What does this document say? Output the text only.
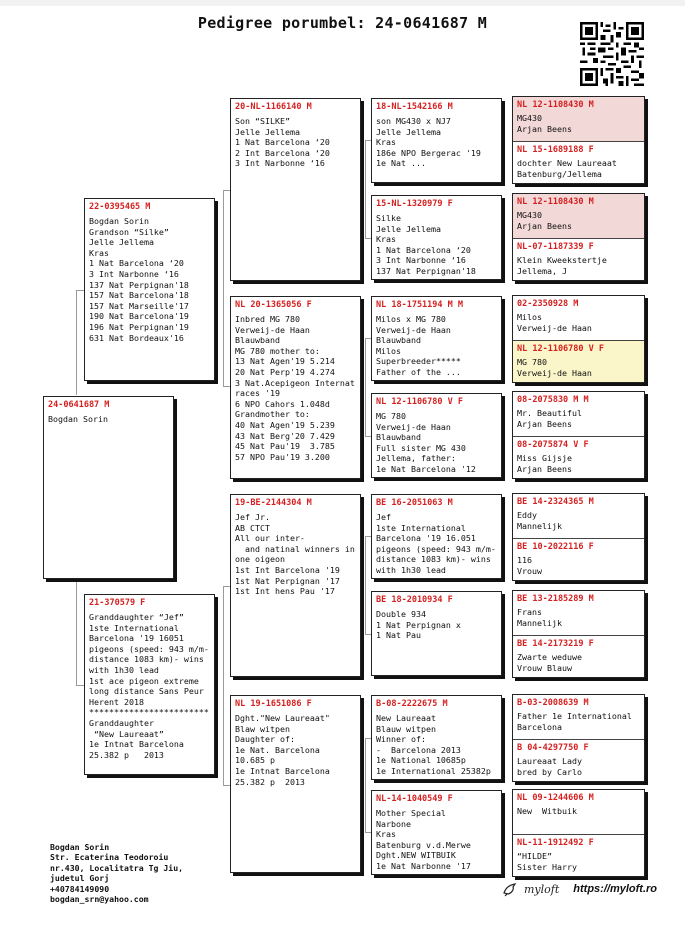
Pedigree porumbel: 24-0641687 M
24-0641687 M
Bogdan Sorin
22-0395465 M
Bogdan Sorin
Grandson “Silke”
Jelle Jellema
Kras
1 Nat Barcelona ‘20
3 Int Narbonne ‘16
137 Nat Perpignan'18
157 Nat Barcelona'18
157 Nat Marseille'17
190 Nat Barcelona'19
196 Nat Perpignan'19
631 Nat Bordeaux'16
21-370579 F
Granddaughter “Jef”
1ste International
Barcelona '19 16051
pigeons (speed: 943 m/m-
distance 1083 km)- wins
with 1h30 lead
1st ace pigeon extreme
long distance Sans Peur
Herent 2018
************************
Granddaughter
“New Laureaat”
1e Intnat Barcelona
25.382 p   2013
20-NL-1166140 M
Son “SILKE”
Jelle Jellema
1 Nat Barcelona ‘20
2 Int Barcelona ‘20
3 Int Narbonne ‘16
NL 20-1365056 F
Inbred MG 780
Verweij-de Haan
Blauwband
MG 780 mother to:
13 Nat Agen'19 5.214
20 Nat Perp'19 4.274
3 Nat.Acepigeon Internat
races '19
6 NPO Cahors 1.048d
Grandmother to:
40 Nat Agen'19 5.239
43 Nat Berg'20 7.429
45 Nat Pau'19  3.785
57 NPO Pau'19 3.200
19-BE-2144304 M
Jef Jr.
AB CTCT
All our inter-
and natinal winners in
one oigeon
1st Int Barcelona '19
1st Nat Perpignan '17
1st Int hens Pau '17
NL 19-1651086 F
Dght."New Laureaat"
Blaw witpen
Daughter of:
1e Nat. Barcelona
10.685 p
1e Intnat Barcelona
25.382 p  2013
18-NL-1542166 M
son MG430 x NJ7
Jelle Jellema
Kras
186e NPO Bergerac '19
1e Nat ...
15-NL-1320979 F
Silke
Jelle Jellema
Kras
1 Nat Barcelona ‘20
3 Int Narbonne ‘16
137 Nat Perpignan'18
NL 18-1751194 M M
Milos x MG 780
Verweij-de Haan
Blauwband
Milos
Superbreeder*****
Father of the ...
NL 12-1106780 V F
MG 780
Verweij-de Haan
Blauwband
Full sister MG 430
Jellema, father:
1e Nat Barcelona '12
BE 16-2051063 M
Jef
1ste International
Barcelona '19 16.051
pigeons (speed: 943 m/m-
distance 1083 km)- wins
with 1h30 lead
BE 18-2010934 F
Double 934
1 Nat Perpignan x
1 Nat Pau
B-08-2222675 M
New Laureaat
Blauw witpen
Winner of:
-  Barcelona 2013
1e National 10685p
1e International 25382p
NL-14-1040549 F
Mother Special
Narbone
Kras
Batenburg v.d.Merwe
Dght.NEW WITBUIK
1e Nat Narbonne '17
NL 12-1108430 M
MG430
Arjan Beens
NL 15-1689188 F
dochter New Laureaat
Batenburg/Jellema
NL 12-1108430 M
MG430
Arjan Beens
NL-07-1187339 F
Klein Kweekstertje
Jellema, J
02-2350928 M
Milos
Verweij-de Haan
NL 12-1106780 V F
MG 780
Verweij-de Haan
08-2075830 M M
Mr. Beautiful
Arjan Beens
08-2075874 V F
Miss Gijsje
Arjan Beens
BE 14-2324365 M
Eddy
Mannelijk
BE 10-2022116 F
116
Vrouw
BE 13-2185289 M
Frans
Mannelijk
BE 14-2173219 F
Zwarte weduwe
Vrouw Blauw
B-03-2008639 M
Father 1e International
Barcelona
B 04-4297750 F
Laureaat Lady
bred by Carlo
NL 09-1244606 M
New  Witbuik
NL-11-1912492 F
“HILDE”
Sister Harry
Bogdan Sorin
Str. Ecaterina Teodoroiu
nr.430, Localitatra Tg Jiu,
judetul Gorj
+40784149090
bogdan_srn@yahoo.com
myloft https://myloft.ro
